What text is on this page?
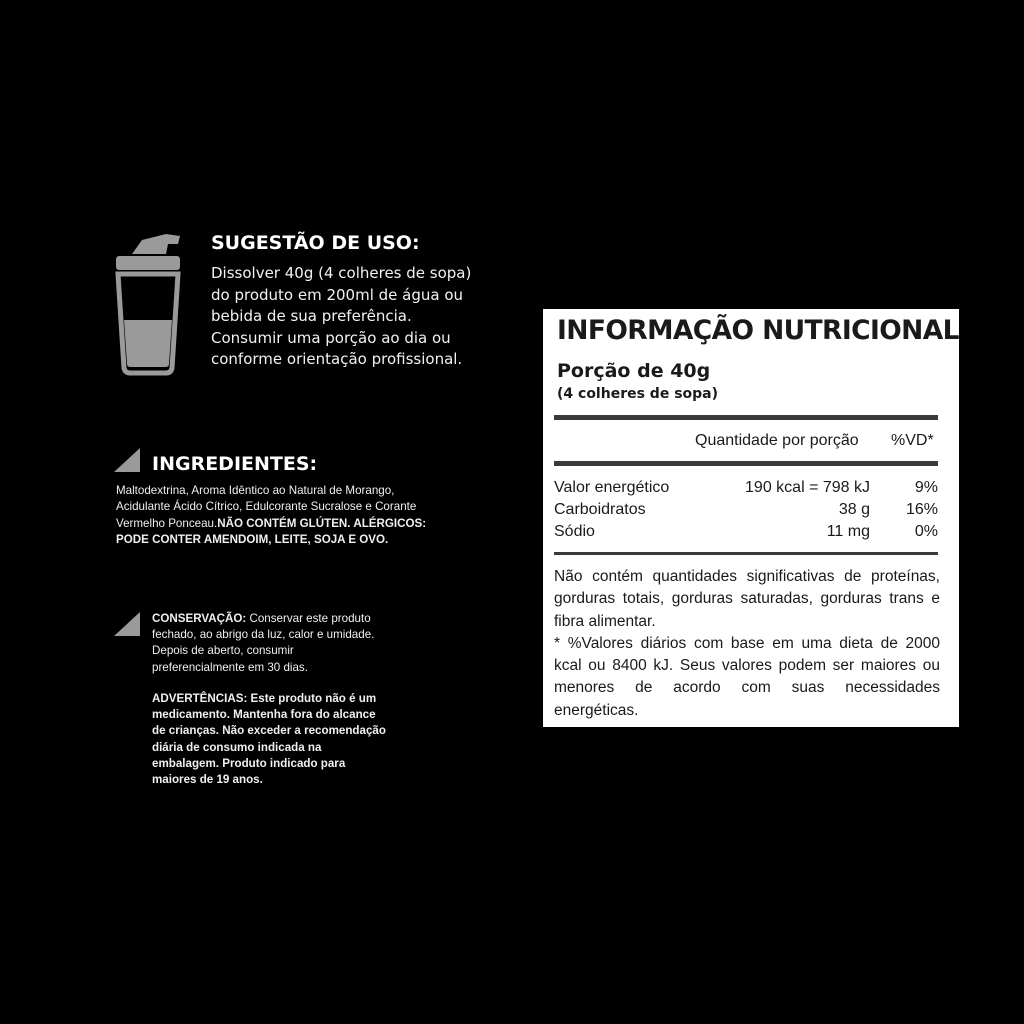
SUGESTÃO DE USO:
Dissolver 40g (4 colheres de sopa)
do produto em 200ml de água ou
bebida de sua preferência.
Consumir uma porção ao dia ou
conforme orientação profissional.
INGREDIENTES:
Maltodextrina, Aroma Idêntico ao Natural de Morango,
Acidulante Ácido Cítrico, Edulcorante Sucralose e Corante
Vermelho Ponceau.NÃO CONTÉM GLÚTEN. ALÉRGICOS:
PODE CONTER AMENDOIM, LEITE, SOJA E OVO.
CONSERVAÇÃO: Conservar este produto
fechado, ao abrigo da luz, calor e umidade.
Depois de aberto, consumir
preferencialmente em 30 dias.
ADVERTÊNCIAS: Este produto não é um
medicamento. Mantenha fora do alcance
de crianças. Não exceder a recomendação
diária de consumo indicada na
embalagem. Produto indicado para
maiores de 19 anos.
INFORMAÇÃO NUTRICIONAL
Porção de 40g
(4 colheres de sopa)
Quantidade por porção %VD*
Valor energético	190 kcal = 798 kJ	9%
Carboidratos	38 g 16%
Sódio	11 mg	0%
Não contém quantidades significativas de proteínas,
gorduras totais, gorduras saturadas, gorduras trans e
fibra alimentar.
* %Valores diários com base em uma dieta de 2000
kcal ou 8400 kJ. Seus valores podem ser maiores ou
menores de acordo com suas necessidades
energéticas.
